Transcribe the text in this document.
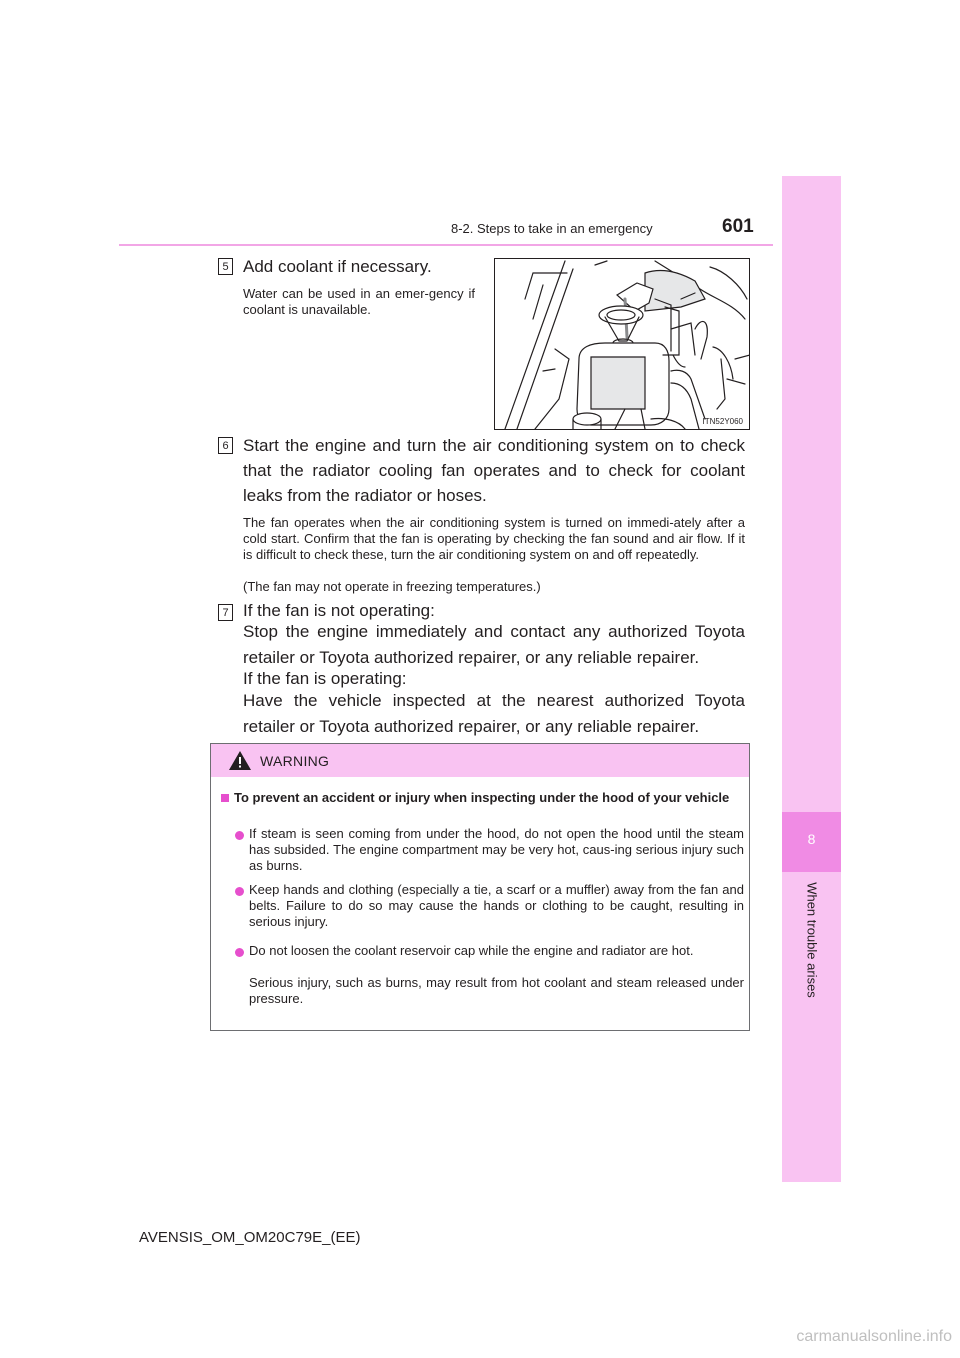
8
When trouble arises
8-2. Steps to take in an emergency	601
5 Add coolant if necessary.
Water can be used in an emer-gency if coolant is unavailable.
ITN52Y060
6 Start the engine and turn the air conditioning system on to check that the radiator cooling fan operates and to check for coolant leaks from the radiator or hoses.
The fan operates when the air conditioning system is turned on immedi-ately after a cold start. Confirm that the fan is operating by checking the fan sound and air flow. If it is difficult to check these, turn the air conditioning system on and off repeatedly.
(The fan may not operate in freezing temperatures.)
7 If the fan is not operating:
Stop the engine immediately and contact any authorized Toyota retailer or Toyota authorized repairer, or any reliable repairer.
If the fan is operating:
Have the vehicle inspected at the nearest authorized Toyota retailer or Toyota authorized repairer, or any reliable repairer.
WARNING
To prevent an accident or injury when inspecting under the hood of your vehicle
If steam is seen coming from under the hood, do not open the hood until the steam has subsided. The engine compartment may be very hot, caus-ing serious injury such as burns.
Keep hands and clothing (especially a tie, a scarf or a muffler) away from the fan and belts. Failure to do so may cause the hands or clothing to be caught, resulting in serious injury.
Do not loosen the coolant reservoir cap while the engine and radiator are hot.
Serious injury, such as burns, may result from hot coolant and steam released under pressure.
AVENSIS_OM_OM20C79E_(EE)
carmanualsonline.info
